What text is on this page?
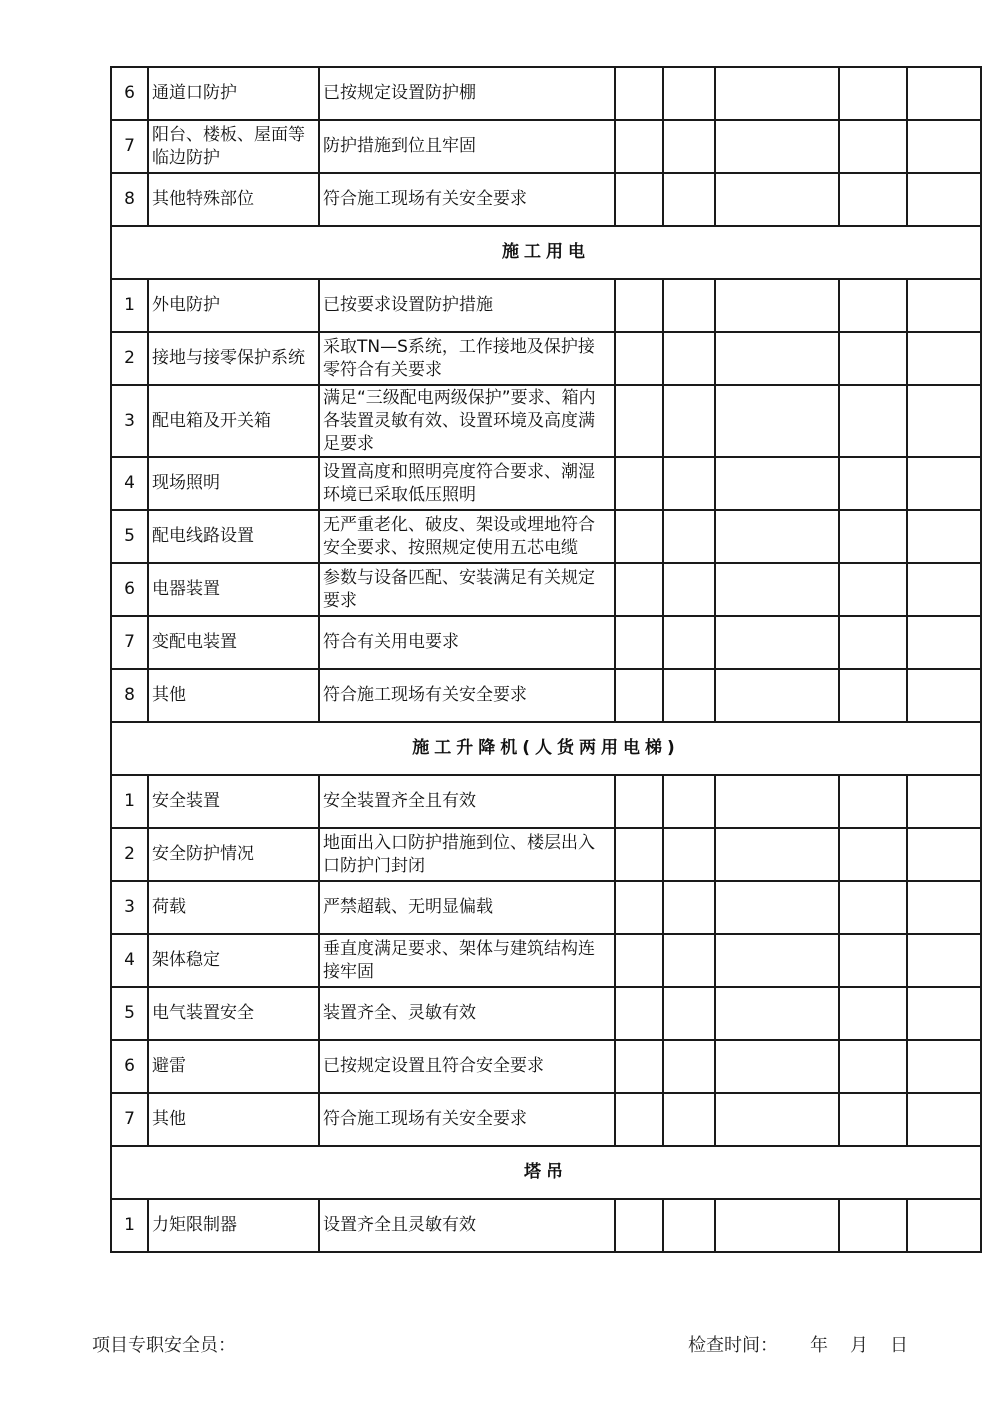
6	通道口防护	已按规定设置防护棚					
7	阳台、楼板、屋面等临边防护	防护措施到位且牢固					
8	其他特殊部位	符合施工现场有关安全要求					
施工用电							
1	外电防护	已按要求设置防护措施					
2	接地与接零保护系统	采取TN—S系统，工作接地及保护接零符合有关要求					
3	配电箱及开关箱	满足“三级配电两级保护”要求、箱内各装置灵敏有效、设置环境及高度满足要求					
4	现场照明	设置高度和照明亮度符合要求、潮湿环境已采取低压照明					
5	配电线路设置	无严重老化、破皮、架设或埋地符合安全要求、按照规定使用五芯电缆					
6	电器装置	参数与设备匹配、安装满足有关规定要求					
7	变配电装置	符合有关用电要求					
8	其他	符合施工现场有关安全要求					
施工升降机(人货两用电梯)							
1	安全装置	安全装置齐全且有效					
2	安全防护情况	地面出入口防护措施到位、楼层出入口防护门封闭					
3	荷载	严禁超载、无明显偏载					
4	架体稳定	垂直度满足要求、架体与建筑结构连接牢固					
5	电气装置安全	装置齐全、灵敏有效					
6	避雷	已按规定设置且符合安全要求					
7	其他	符合施工现场有关安全要求					
塔吊							
1	力矩限制器	设置齐全且灵敏有效					
项目专职安全员：	检查时间： 年 月 日
